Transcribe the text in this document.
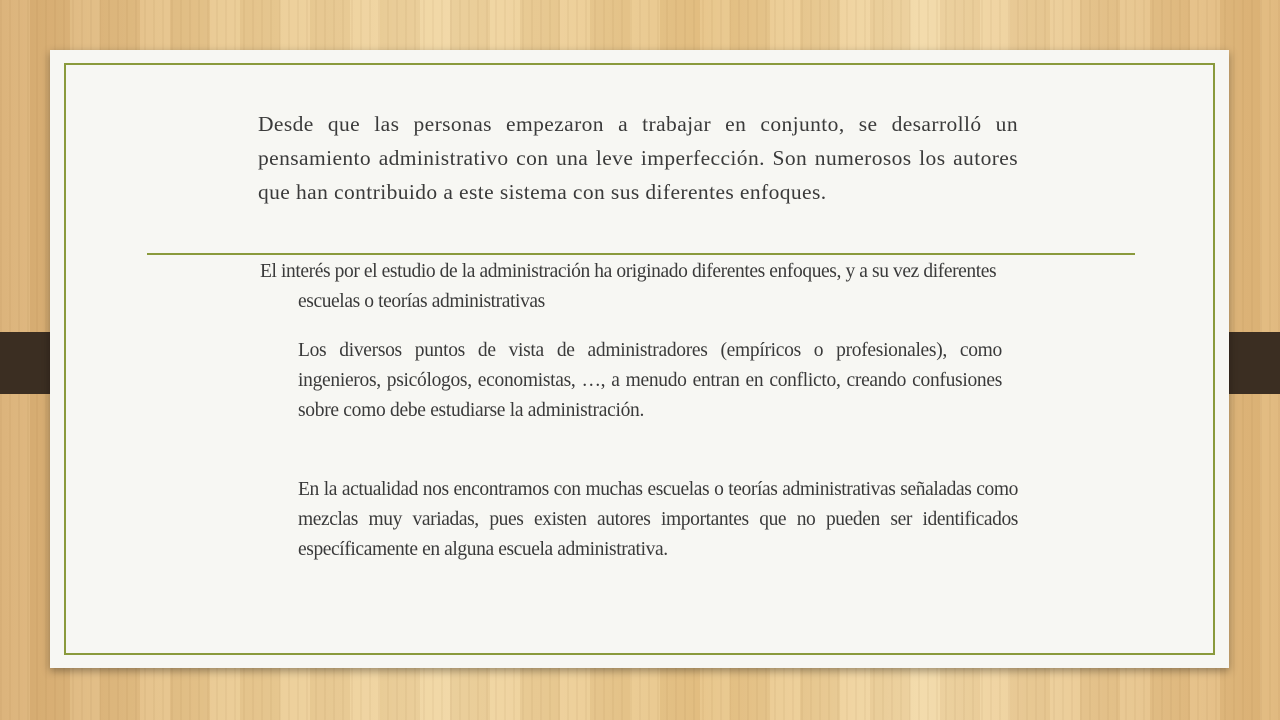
Desde que las personas empezaron a trabajar en conjunto, se desarrolló un pensamiento administrativo con una leve imperfección. Son numerosos los autores que han contribuido a este sistema con sus diferentes enfoques.
El interés por el estudio de la administración ha originado diferentes enfoques, y a su vez diferentes escuelas o teorías administrativas
Los diversos puntos de vista de administradores (empíricos o profesionales), como ingenieros, psicólogos, economistas, …, a menudo entran en conflicto, creando confusiones sobre como debe estudiarse la administración.
En la actualidad nos encontramos con muchas escuelas o teorías administrativas señaladas como mezclas muy variadas, pues existen autores importantes que no pueden ser identificados específicamente en alguna escuela administrativa.
